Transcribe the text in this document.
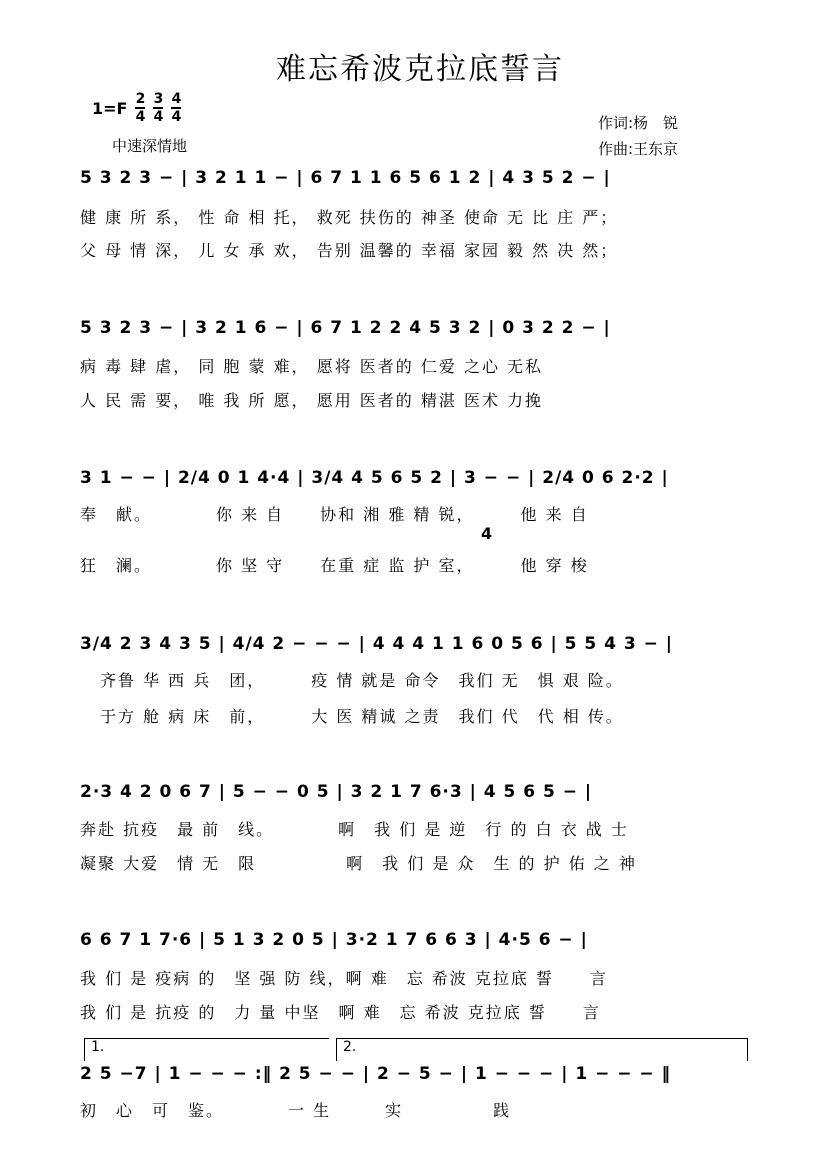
难忘希波克拉底誓言
$1=F \frac{2}{4} \frac{3}{4} \frac{4}{4}$	作词:杨　锐
作曲:王东京
中速深情地
5 3 2 3 − | 3 2 1 1 − | 6 7 1 1 6 5 6 1 2 | 4 3 5 2 − |
健 康 所 系， 性 命 相 托， 救死 扶伤的 神圣 使命 无 比 庄 严；
父 母 情 深， 儿 女 承 欢， 告别 温馨的 幸福 家园 毅 然 决 然；
5 3 2 3 − | 3 2 1 6 − | 6 7 1 2 2 4 5 3 2 | 0 3 2 2 − |
病 毒 肆 虐， 同 胞 蒙 难， 愿将 医者的 仁爱 之心 无私
人 民 需 要， 唯 我 所 愿， 愿用 医者的 精湛 医术 力挽
3 1 − − | 2/4 0 1 4·4 | 3/4 4 5 6 5 2 | 3 − − | 2/4 0 6 2·2 |
奉　献。　　　　你 来 自　　协和 湘 雅 精 锐，　　　他 来 自
4
狂　澜。　　　　你 坚 守　　在重 症 监 护 室，　　　他 穿 梭
3/4 2 3 4 3 5 | 4/4 2 − − − | 4 4 4 1 1 6 0 5 6 | 5 5 4 3 − |
齐鲁 华 西 兵　团，　　　疫 情 就是 命令　我们 无　惧 艰 险。
于方 舱 病 床　前，　　　大 医 精诚 之责　我们 代　代 相 传。
2·3 4 2 0 6 7 | 5 − − 0 5 | 3 2 1 7 6·3 | 4 5 6 5 − |
奔赴 抗疫　最 前　线。　　　　啊　我 们 是 逆　行 的 白 衣 战 士
凝聚 大爱　情 无　限　　　　　啊　我 们 是 众　生 的 护 佑 之 神
6 6 7 1 7·6 | 5 1 3 2 0 5 | 3·2 1 7 6 6 3 | 4·5 6 − |
我 们 是 疫病 的　坚 强 防 线，啊 难　忘 希波 克拉底 誓　　言
我 们 是 抗疫 的　力 量 中坚　啊 难　忘 希波 克拉底 誓　　言
1.	2.
2 5 −7 | 1 − − − :‖ 2 5 − − | 2 − 5 − | 1 − − − | 1 − − − ‖
初　心　可　鉴。　　　　一 生　　　实　　　　　践
